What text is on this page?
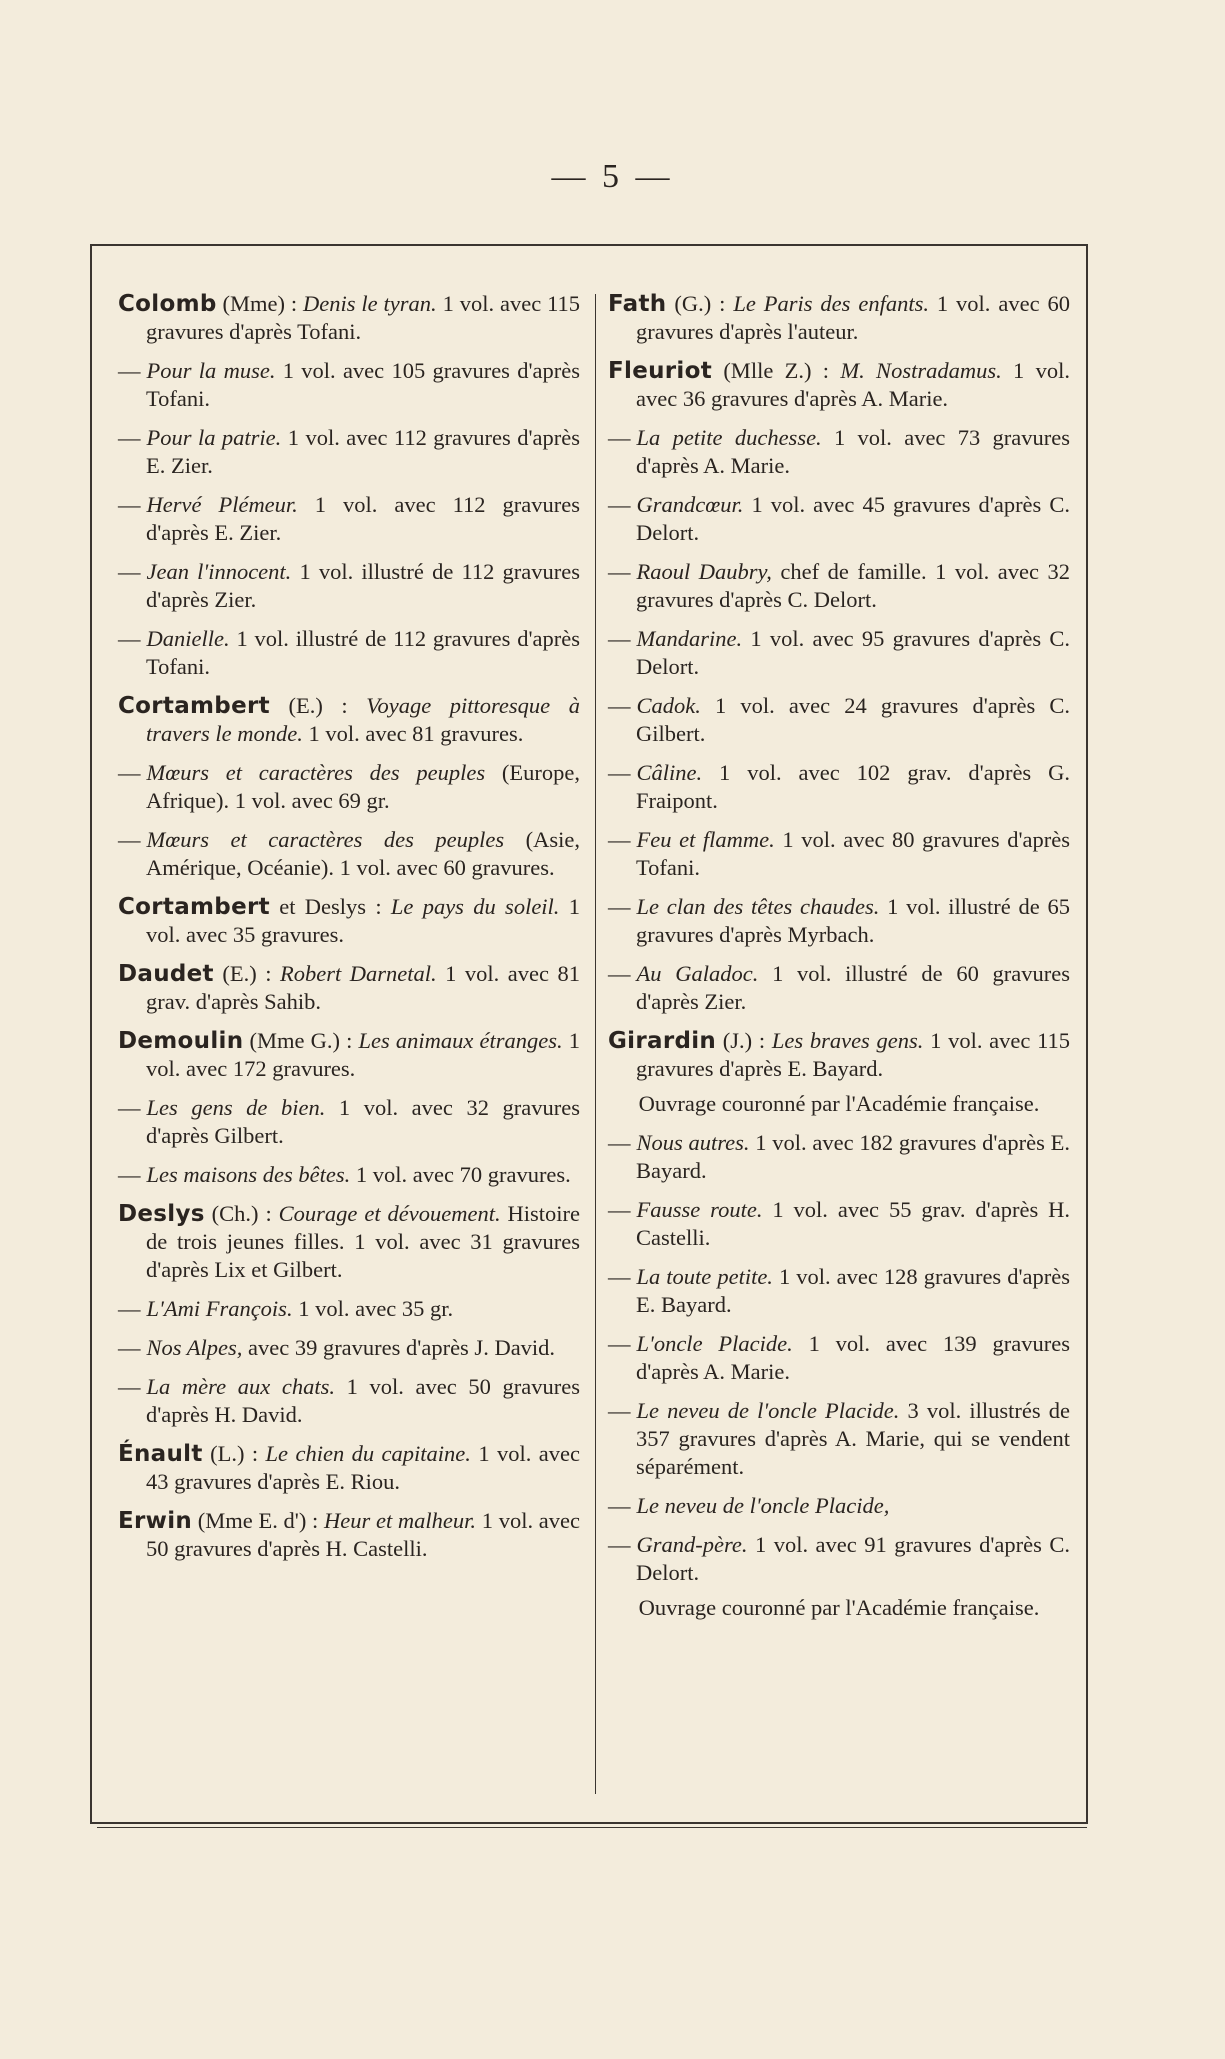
— 5 —
Colomb (Mme) : Denis le tyran. 1 vol. avec 115 gravures d'après Tofani.
— Pour la muse. 1 vol. avec 105 gravures d'après Tofani.
— Pour la patrie. 1 vol. avec 112 gravures d'après E. Zier.
— Hervé Plémeur. 1 vol. avec 112 gravures d'après E. Zier.
— Jean l'innocent. 1 vol. illustré de 112 gravures d'après Zier.
— Danielle. 1 vol. illustré de 112 gravures d'après Tofani.
Cortambert (E.) : Voyage pittoresque à travers le monde. 1 vol. avec 81 gravures.
— Mœurs et caractères des peuples (Europe, Afrique). 1 vol. avec 69 gr.
— Mœurs et caractères des peuples (Asie, Amérique, Océanie). 1 vol. avec 60 gravures.
Cortambert et Deslys : Le pays du soleil. 1 vol. avec 35 gravures.
Daudet (E.) : Robert Darnetal. 1 vol. avec 81 grav. d'après Sahib.
Demoulin (Mme G.) : Les animaux étranges. 1 vol. avec 172 gravures.
— Les gens de bien. 1 vol. avec 32 gravures d'après Gilbert.
— Les maisons des bêtes. 1 vol. avec 70 gravures.
Deslys (Ch.) : Courage et dévouement. Histoire de trois jeunes filles. 1 vol. avec 31 gravures d'après Lix et Gilbert.
— L'Ami François. 1 vol. avec 35 gr.
— Nos Alpes, avec 39 gravures d'après J. David.
— La mère aux chats. 1 vol. avec 50 gravures d'après H. David.
Énault (L.) : Le chien du capitaine. 1 vol. avec 43 gravures d'après E. Riou.
Erwin (Mme E. d') : Heur et malheur. 1 vol. avec 50 gravures d'après H. Castelli.
Fath (G.) : Le Paris des enfants. 1 vol. avec 60 gravures d'après l'auteur.
Fleuriot (Mlle Z.) : M. Nostradamus. 1 vol. avec 36 gravures d'après A. Marie.
— La petite duchesse. 1 vol. avec 73 gravures d'après A. Marie.
— Grandcœur. 1 vol. avec 45 gravures d'après C. Delort.
— Raoul Daubry, chef de famille. 1 vol. avec 32 gravures d'après C. Delort.
— Mandarine. 1 vol. avec 95 gravures d'après C. Delort.
— Cadok. 1 vol. avec 24 gravures d'après C. Gilbert.
— Câline. 1 vol. avec 102 grav. d'après G. Fraipont.
— Feu et flamme. 1 vol. avec 80 gravures d'après Tofani.
— Le clan des têtes chaudes. 1 vol. illustré de 65 gravures d'après Myrbach.
— Au Galadoc. 1 vol. illustré de 60 gravures d'après Zier.
Girardin (J.) : Les braves gens. 1 vol. avec 115 gravures d'après E. Bayard.
Ouvrage couronné par l'Académie française.
— Nous autres. 1 vol. avec 182 gravures d'après E. Bayard.
— Fausse route. 1 vol. avec 55 grav. d'après H. Castelli.
— La toute petite. 1 vol. avec 128 gravures d'après E. Bayard.
— L'oncle Placide. 1 vol. avec 139 gravures d'après A. Marie.
— Le neveu de l'oncle Placide. 3 vol. illustrés de 357 gravures d'après A. Marie, qui se vendent séparément.
— Le neveu de l'oncle Placide,
— Grand-père. 1 vol. avec 91 gravures d'après C. Delort.
Ouvrage couronné par l'Académie française.
